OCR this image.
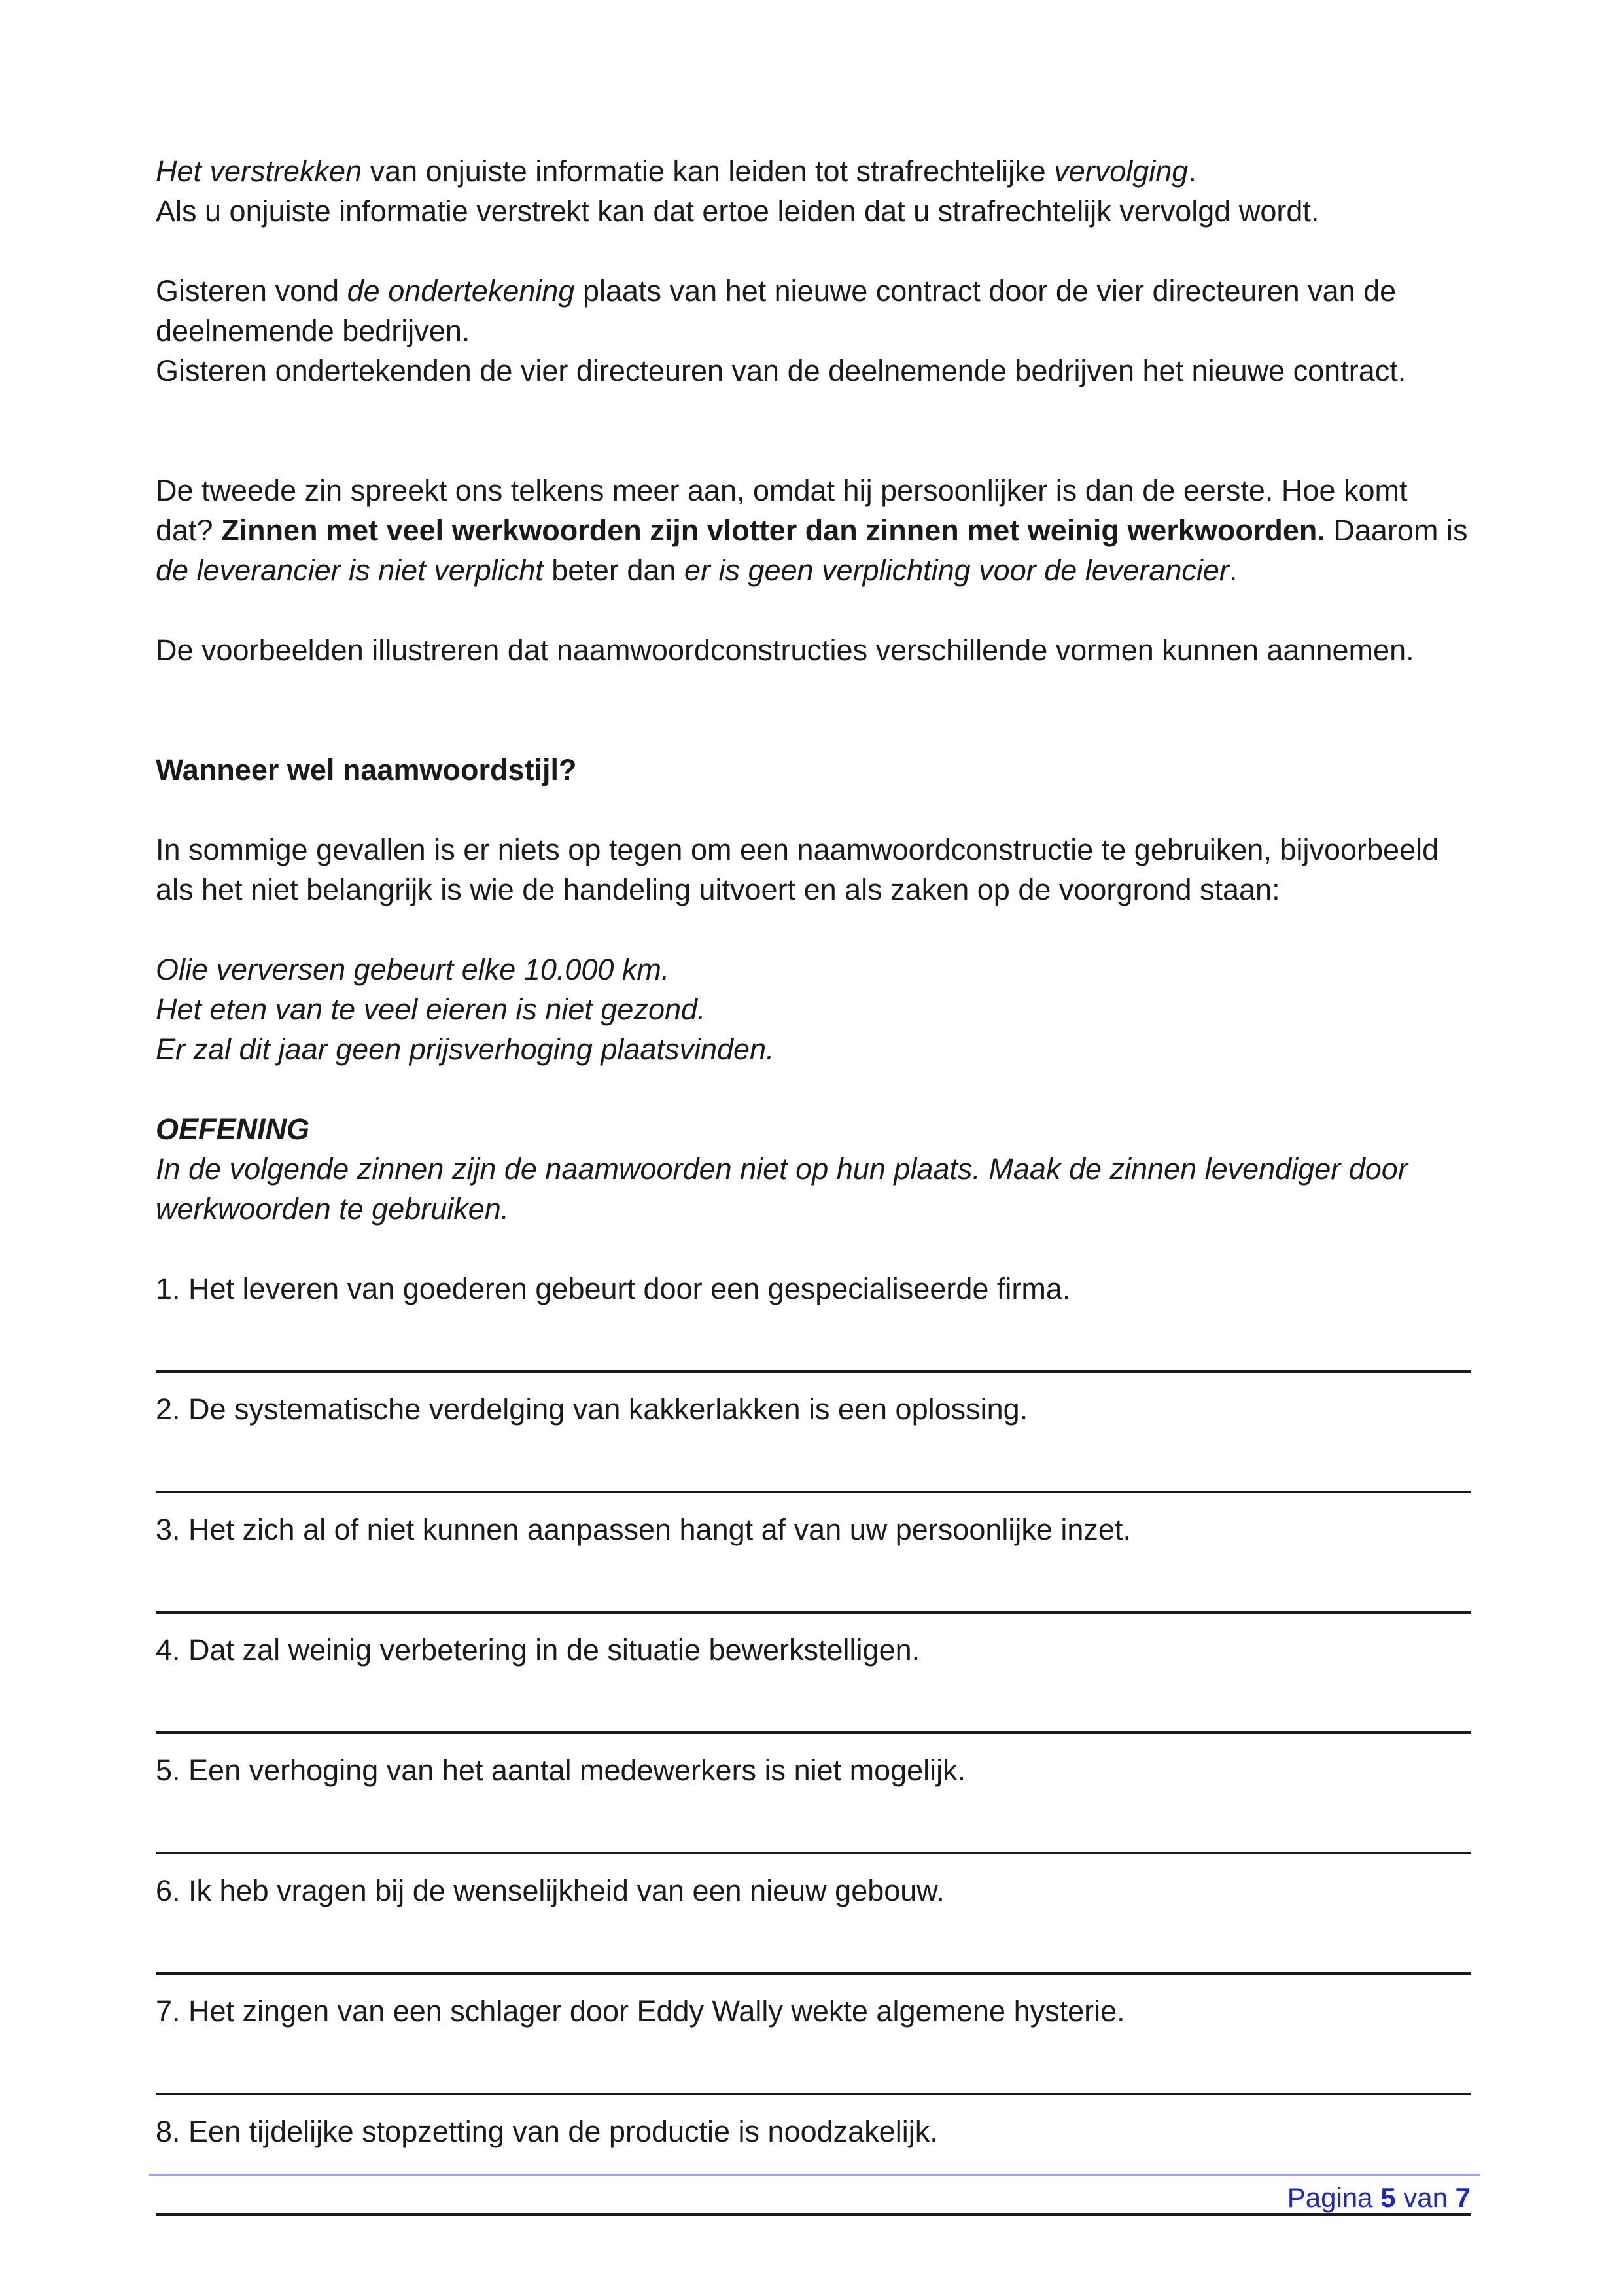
Het verstrekken van onjuiste informatie kan leiden tot strafrechtelijke vervolging.

Als u onjuiste informatie verstrekt kan dat ertoe leiden dat u strafrechtelijk vervolgd wordt.

Gisteren vond de ondertekening plaats van het nieuwe contract door de vier directeuren van de deelnemende bedrijven.

Gisteren ondertekenden de vier directeuren van de deelnemende bedrijven het nieuwe contract.

De tweede zin spreekt ons telkens meer aan, omdat hij persoonlijker is dan de eerste. Hoe komt dat? Zinnen met veel werkwoorden zijn vlotter dan zinnen met weinig werkwoorden. Daarom is de leverancier is niet verplicht beter dan er is geen verplichting voor de leverancier.

De voorbeelden illustreren dat naamwoordconstructies verschillende vormen kunnen aannemen.

Wanneer wel naamwoordstijl?

In sommige gevallen is er niets op tegen om een naamwoordconstructie te gebruiken, bijvoorbeeld als het niet belangrijk is wie de handeling uitvoert en als zaken op de voorgrond staan:

Olie verversen gebeurt elke 10.000 km.

Het eten van te veel eieren is niet gezond.

Er zal dit jaar geen prijsverhoging plaatsvinden.

OEFENING

In de volgende zinnen zijn de naamwoorden niet op hun plaats. Maak de zinnen levendiger door werkwoorden te gebruiken.

1. Het leveren van goederen gebeurt door een gespecialiseerde firma.

2. De systematische verdelging van kakkerlakken is een oplossing.

3. Het zich al of niet kunnen aanpassen hangt af van uw persoonlijke inzet.

4. Dat zal weinig verbetering in de situatie bewerkstelligen.

5. Een verhoging van het aantal medewerkers is niet mogelijk.

6. Ik heb vragen bij de wenselijkheid van een nieuw gebouw.

7. Het zingen van een schlager door Eddy Wally wekte algemene hysterie.

8. Een tijdelijke stopzetting van de productie is noodzakelijk.

Pagina 5 van 7
